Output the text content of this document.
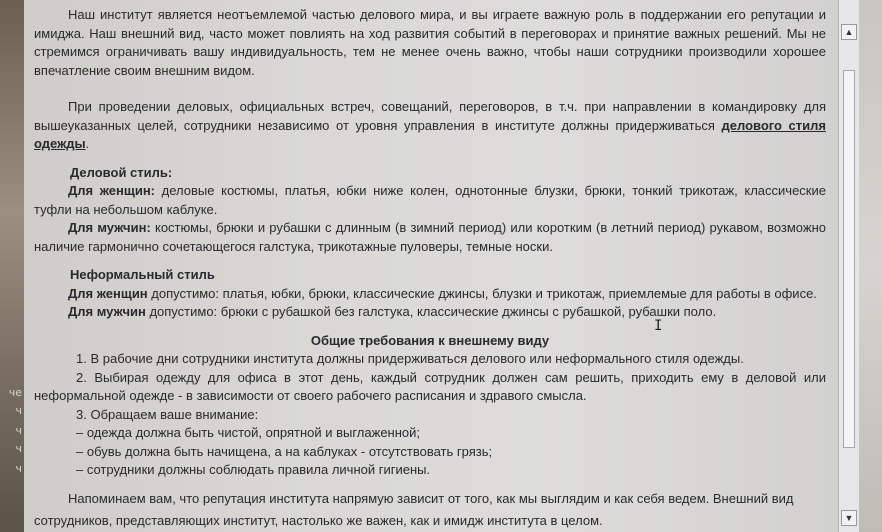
чe
ч
ч
ч
ч

Наш институт является неотъемлемой частью делового мира, и вы играете важную роль в поддержании его репутации и имиджа. Наш внешний вид, часто может повлиять на ход развития событий в переговорах и принятие важных решений. Мы не стремимся ограничивать вашу индивидуальность, тем не менее очень важно, чтобы наши сотрудники производили хорошее впечатление своим внешним видом.

При проведении деловых, официальных встреч, совещаний, переговоров, в т.ч. при направлении в командировку для вышеуказанных целей, сотрудники независимо от уровня управления в институте должны придерживаться делового стиля одежды.

Деловой стиль:

Для женщин: деловые костюмы, платья, юбки ниже колен, однотонные блузки, брюки, тонкий трикотаж, классические туфли на небольшом каблуке.

Для мужчин: костюмы, брюки и рубашки с длинным (в зимний период) или коротким (в летний период) рукавом, возможно наличие гармонично сочетающегося галстука, трикотажные пуловеры, темные носки.

Неформальный стиль

Для женщин допустимо: платья, юбки, брюки, классические джинсы, блузки и трикотаж, приемлемые для работы в офисе.

Для мужчин допустимо: брюки с рубашкой без галстука, классические джинсы с рубашкой, рубашки поло.

Общие требования к внешнему виду

1. В рабочие дни сотрудники института должны придерживаться делового или неформального стиля одежды.

2. Выбирая одежду для офиса в этот день, каждый сотрудник должен сам решить, приходить ему в деловой или неформальной одежде - в зависимости от своего рабочего расписания и здравого смысла.

3. Обращаем ваше внимание:

– одежда должна быть чистой, опрятной и выглаженной;

– обувь должна быть начищена, а на каблуках - отсутствовать грязь;

– сотрудники должны соблюдать правила личной гигиены.

Напоминаем вам, что репутация института напрямую зависит от того, как мы выглядим и как себя ведем. Внешний вид

сотрудников, представляющих институт, настолько же важен, как и имидж института в целом.

I
▲
▼
